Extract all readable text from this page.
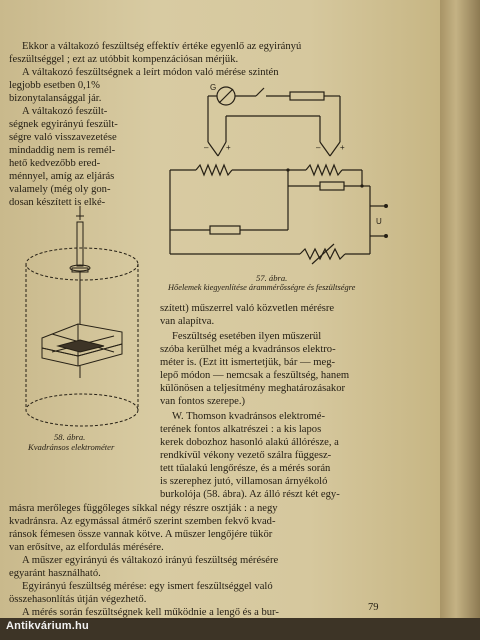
Ekkor a váltakozó feszültség effektív értéke egyenlő az egyirányú
feszültséggel ; ezt az utóbbit kompenzációsan mérjük.
A váltakozó feszültségnek a leírt módon való mérése szintén
legjobb esetben 0,1%
bizonytalansággal jár.
A váltakozó feszült-
ségnek egyirányú feszült-
ségre való visszavezetése
mindaddig nem is remél-
hető kedvezőbb ered-
ménnyel, amíg az eljárás
valamely (még oly gon-
dosan készített is elké-
G
U
– +	– +
57. ábra.
Hőelemek kiegyenlítése árammérősségre és feszültségre
58. ábra.
Kvadránsos elektrométer
szített) műszerrel való közvetlen mérésre
van alapítva.
Feszültség esetében ilyen műszerül
szóba kerülhet még a kvadránsos elektro-
méter is. (Ezt itt ismertetjük, bár — meg-
lepő módon — nemcsak a feszültség, hanem
különösen a teljesítmény meghatározásakor
van fontos szerepe.)
W. Thomson kvadránsos elektromé-
terének fontos alkatrészei : a kis lapos
kerek dobozhoz hasonló alakú állórésze, a
rendkívül vékony vezető szálra függesz-
tett tűalakú lengőrésze, és a mérés során
is szerephez jutó, villamosan árnyékoló
burkolója (58. ábra). Az álló részt két egy-
másra merőleges függőleges síkkal négy részre osztják : a negy
kvadránsra. Az egymással átmérő szerint szemben fekvő kvad-
ránsok fémesen össze vannak kötve. A műszer lengőjére tükör
van erősítve, az elfordulás mérésére.
A műszer egyirányú és váltakozó irányú feszültség mérésére
egyaránt használható.
Egyirányú feszültség mérése: egy ismert feszültséggel való
összehasonlítás útján végezhető.
A mérés során feszültségnek kell működnie a lengő és a bur-	79
Antikvárium.hu
